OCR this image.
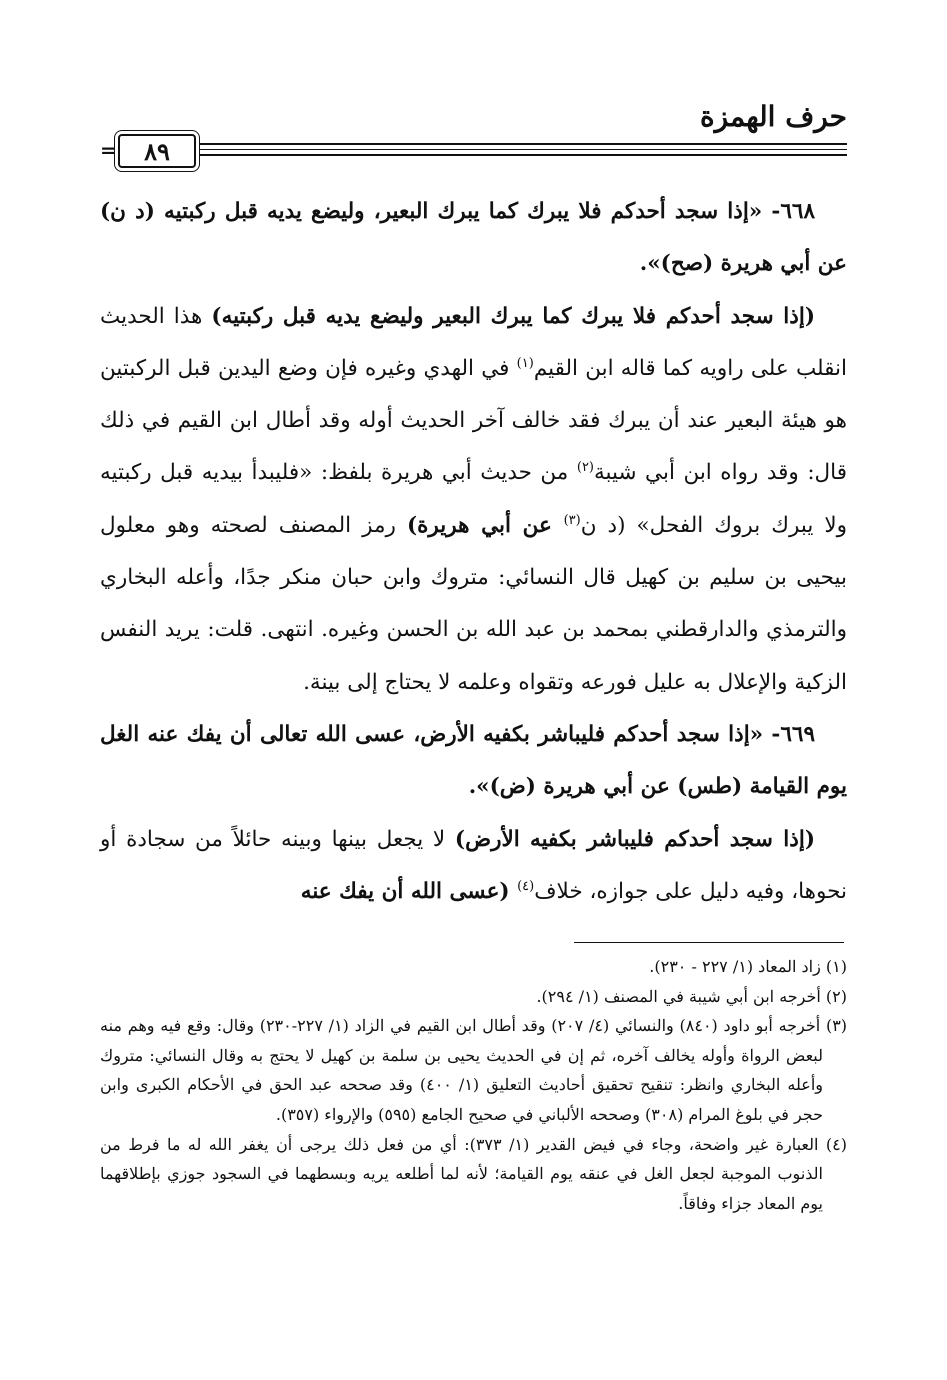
حرف الهمزة
=	٨٩

٦٦٨- «إذا سجد أحدكم فلا يبرك كما يبرك البعير، وليضع يديه قبل ركبتيه (د ن) عن أبي هريرة (صح)».

(إذا سجد أحدكم فلا يبرك كما يبرك البعير وليضع يديه قبل ركبتيه) هذا الحديث انقلب على راويه كما قاله ابن القيم$^{(١)}$ في الهدي وغيره فإن وضع اليدين قبل الركبتين هو هيئة البعير عند أن يبرك فقد خالف آخر الحديث أوله وقد أطال ابن القيم في ذلك قال: وقد رواه ابن أبي شيبة$^{(٢)}$ من حديث أبي هريرة بلفظ: «فليبدأ بيديه قبل ركبتيه ولا يبرك بروك الفحل» (د ن$^{(٣)}$ عن أبي هريرة) رمز المصنف لصحته وهو معلول بيحيى بن سليم بن كهيل قال النسائي: متروك وابن حبان منكر جدًا، وأعله البخاري والترمذي والدارقطني بمحمد بن عبد الله بن الحسن وغيره. انتهى. قلت: يريد النفس الزكية والإعلال به عليل فورعه وتقواه وعلمه لا يحتاج إلى بينة.

٦٦٩- «إذا سجد أحدكم فليباشر بكفيه الأرض، عسى الله تعالى أن يفك عنه الغل يوم القيامة (طس) عن أبي هريرة (ض)».

(إذا سجد أحدكم فليباشر بكفيه الأرض) لا يجعل بينها وبينه حائلاً من سجادة أو نحوها، وفيه دليل على جوازه، خلاف$^{(٤)}$ (عسى الله أن يفك عنه

(١) زاد المعاد (١/ ٢٢٧ - ٢٣٠).

(٢) أخرجه ابن أبي شيبة في المصنف (١/ ٢٩٤).

(٣) أخرجه أبو داود (٨٤٠) والنسائي (٤/ ٢٠٧) وقد أطال ابن القيم في الزاد (١/ ٢٢٧-٢٣٠) وقال: وقع فيه وهم منه لبعض الرواة وأوله يخالف آخره، ثم إن في الحديث يحيى بن سلمة بن كهيل لا يحتج به وقال النسائي: متروك وأعله البخاري وانظر: تنقيح تحقيق أحاديث التعليق (١/ ٤٠٠) وقد صححه عبد الحق في الأحكام الكبرى وابن حجر في بلوغ المرام (٣٠٨) وصححه الألباني في صحيح الجامع (٥٩٥) والإرواء (٣٥٧).

(٤) العبارة غير واضحة، وجاء في فيض القدير (١/ ٣٧٣): أي من فعل ذلك يرجى أن يغفر الله له ما فرط من الذنوب الموجبة لجعل الغل في عنقه يوم القيامة؛ لأنه لما أطلعه يريه وبسطهما في السجود جوزي بإطلاقهما يوم المعاد جزاء وفاقاً.
